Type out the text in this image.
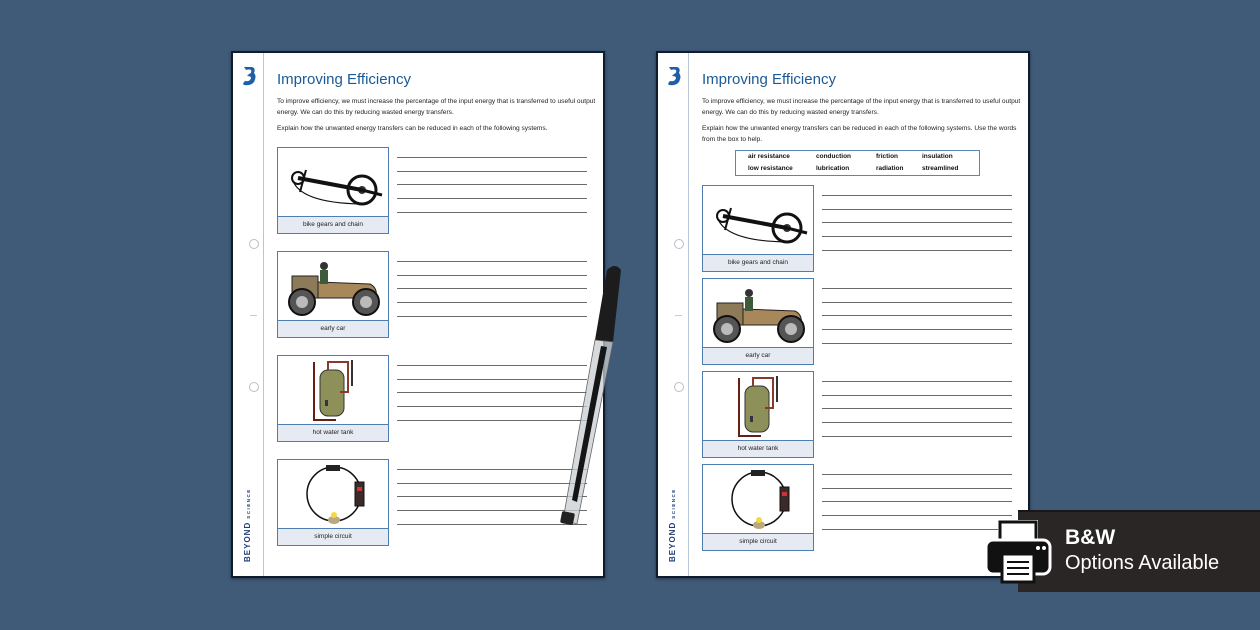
BEYONDSCIENCE
Improving Efficiency
To improve efficiency, we must increase the percentage of the input energy that is transferred to useful output energy. We can do this by reducing wasted energy transfers.
Explain how the unwanted energy transfers can be reduced in each of the following systems.
bike gears and chain
early car
hot water tank
simple circuit	BEYONDSCIENCE
Improving Efficiency
To improve efficiency, we must increase the percentage of the input energy that is transferred to useful output energy. We can do this by reducing wasted energy transfers.
Explain how the unwanted energy transfers can be reduced in each of the following systems. Use the words from the box to help.
air resistance	conduction	friction	insulation
low resistance	lubrication	radiation	streamlined
bike gears and chain
early car
hot water tank
simple circuit	B&W
Options Available
